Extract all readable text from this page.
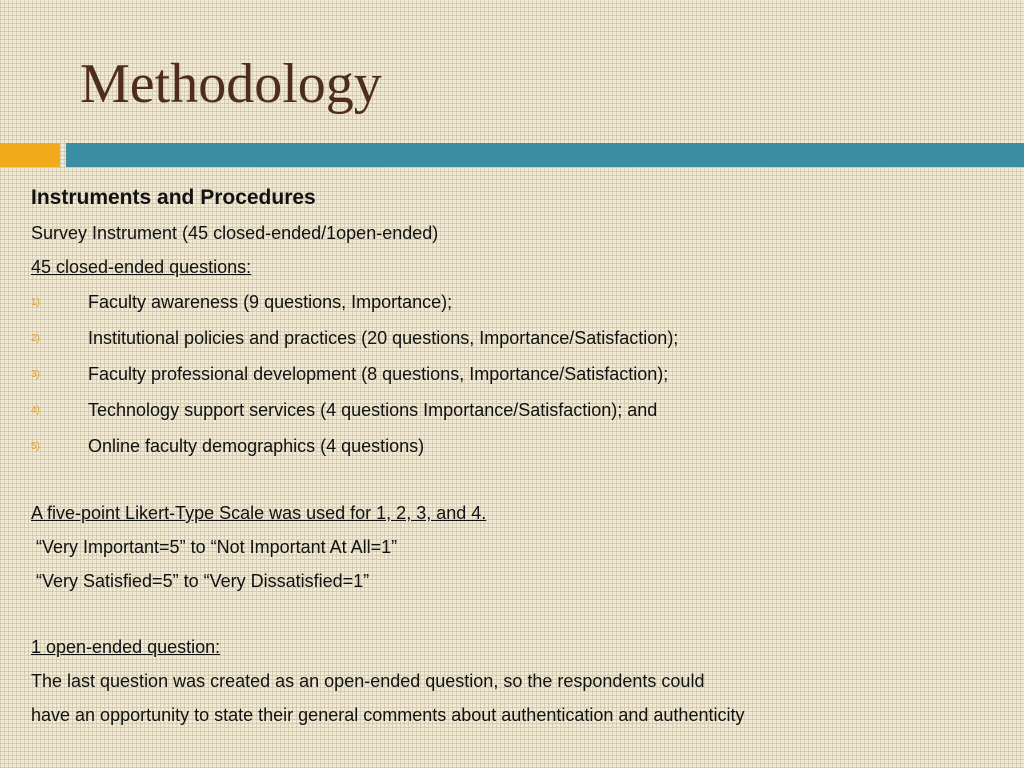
Methodology
Instruments and Procedures
Survey Instrument (45 closed-ended/1open-ended)
45 closed-ended questions:
1)	Faculty awareness (9 questions, Importance);
2)	Institutional policies and practices (20 questions, Importance/Satisfaction);
3)	Faculty professional development (8 questions, Importance/Satisfaction);
4)	Technology support services (4 questions Importance/Satisfaction); and
5)	Online faculty demographics (4 questions)
A five-point Likert-Type Scale was used for 1, 2, 3, and 4.
“Very Important=5” to “Not Important At All=1”
“Very Satisfied=5” to “Very Dissatisfied=1”
1 open-ended question:
The last question was created as an open-ended question, so the respondents could
have an opportunity to state their general comments about authentication and authenticity
